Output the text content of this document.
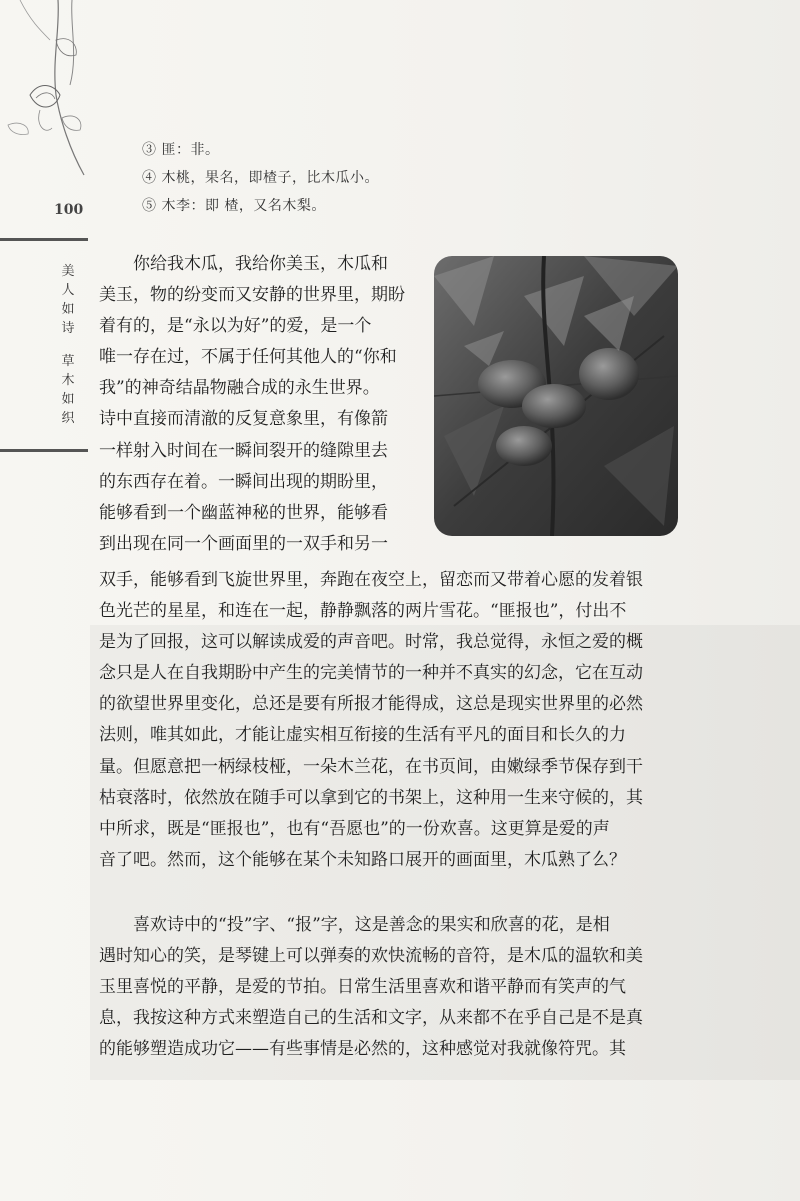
③ 匪：非。
④ 木桃，果名，即楂子，比木瓜小。
⑤ 木李：即 楂，又名木梨。
100
美
人
如
诗
草
木
如
织
　　你给我木瓜，我给你美玉，木瓜和
美玉，物的纷变而又安静的世界里，期盼
着有的，是“永以为好”的爱，是一个
唯一存在过，不属于任何其他人的“你和
我”的神奇结晶物融合成的永生世界。
诗中直接而清澈的反复意象里，有像箭
一样射入时间在一瞬间裂开的缝隙里去
的东西存在着。一瞬间出现的期盼里，
能够看到一个幽蓝神秘的世界，能够看
到出现在同一个画面里的一双手和另一
双手，能够看到飞旋世界里，奔跑在夜空上，留恋而又带着心愿的发着银
色光芒的星星，和连在一起，静静飘落的两片雪花。“匪报也”，付出不
是为了回报，这可以解读成爱的声音吧。时常，我总觉得，永恒之爱的概
念只是人在自我期盼中产生的完美情节的一种并不真实的幻念，它在互动
的欲望世界里变化，总还是要有所报才能得成，这总是现实世界里的必然
法则，唯其如此，才能让虚实相互衔接的生活有平凡的面目和长久的力
量。但愿意把一柄绿枝桠，一朵木兰花，在书页间，由嫩绿季节保存到干
枯衰落时，依然放在随手可以拿到它的书架上，这种用一生来守候的，其
中所求，既是“匪报也”，也有“吾愿也”的一份欢喜。这更算是爱的声
音了吧。然而，这个能够在某个未知路口展开的画面里，木瓜熟了么？
　　喜欢诗中的“投”字、“报”字，这是善念的果实和欣喜的花，是相
遇时知心的笑，是琴键上可以弹奏的欢快流畅的音符，是木瓜的温软和美
玉里喜悦的平静，是爱的节拍。日常生活里喜欢和谐平静而有笑声的气
息，我按这种方式来塑造自己的生活和文字，从来都不在乎自己是不是真
的能够塑造成功它——有些事情是必然的，这种感觉对我就像符咒。其
